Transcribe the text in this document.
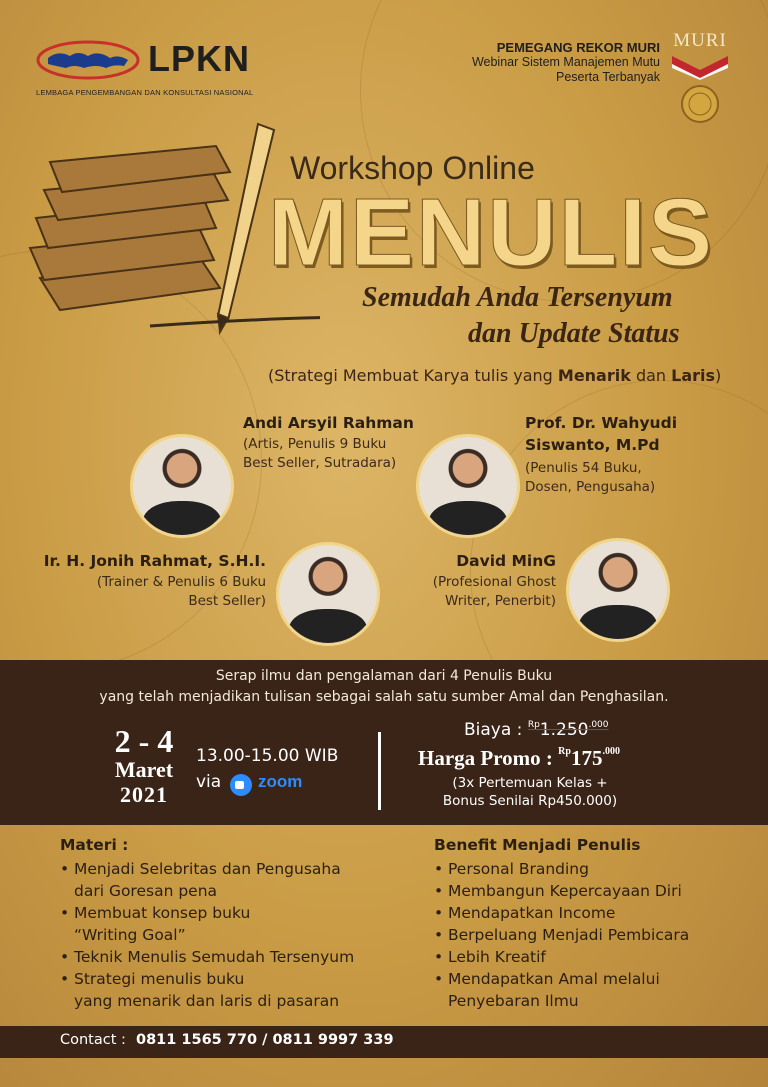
LPKN
LEMBAGA PENGEMBANGAN DAN KONSULTASI NASIONAL
PEMEGANG REKOR MURI
Webinar Sistem Manajemen Mutu
Peserta Terbanyak
MURI

Workshop Online
MENULIS
Semudah Anda Tersenyum
dan Update Status
(Strategi Membuat Karya tulis yang Menarik dan Laris)
Andi Arsyil Rahman
(Artis, Penulis 9 Buku
Best Seller, Sutradara)
Prof. Dr. Wahyudi
Siswanto, M.Pd
(Penulis 54 Buku,
Dosen, Pengusaha)
Ir. H. Jonih Rahmat, S.H.I.
(Trainer & Penulis 6 Buku
Best Seller)
David MinG
(Profesional Ghost
Writer, Penerbit)
Serap ilmu dan pengalaman dari 4 Penulis Buku
yang telah menjadikan tulisan sebagai salah satu sumber Amal dan Penghasilan.
2 - 4
Maret
2021
13.00-15.00 WIB
via zoom
Biaya : $^{Rp}1.250^{.000}$
Harga Promo : $^{Rp}175^{.000}$
(3x Pertemuan Kelas +
Bonus Senilai Rp450.000)
Materi :
• Menjadi Selebritas dan Pengusaha
dari Goresan pena
• Membuat konsep buku
“Writing Goal”
• Teknik Menulis Semudah Tersenyum
• Strategi menulis buku
yang menarik dan laris di pasaran
Benefit Menjadi Penulis
• Personal Branding
• Membangun Kepercayaan Diri
• Mendapatkan Income
• Berpeluang Menjadi Pembicara
• Lebih Kreatif
• Mendapatkan Amal melalui
Penyebaran Ilmu
Contact : 0811 1565 770 / 0811 9997 339
